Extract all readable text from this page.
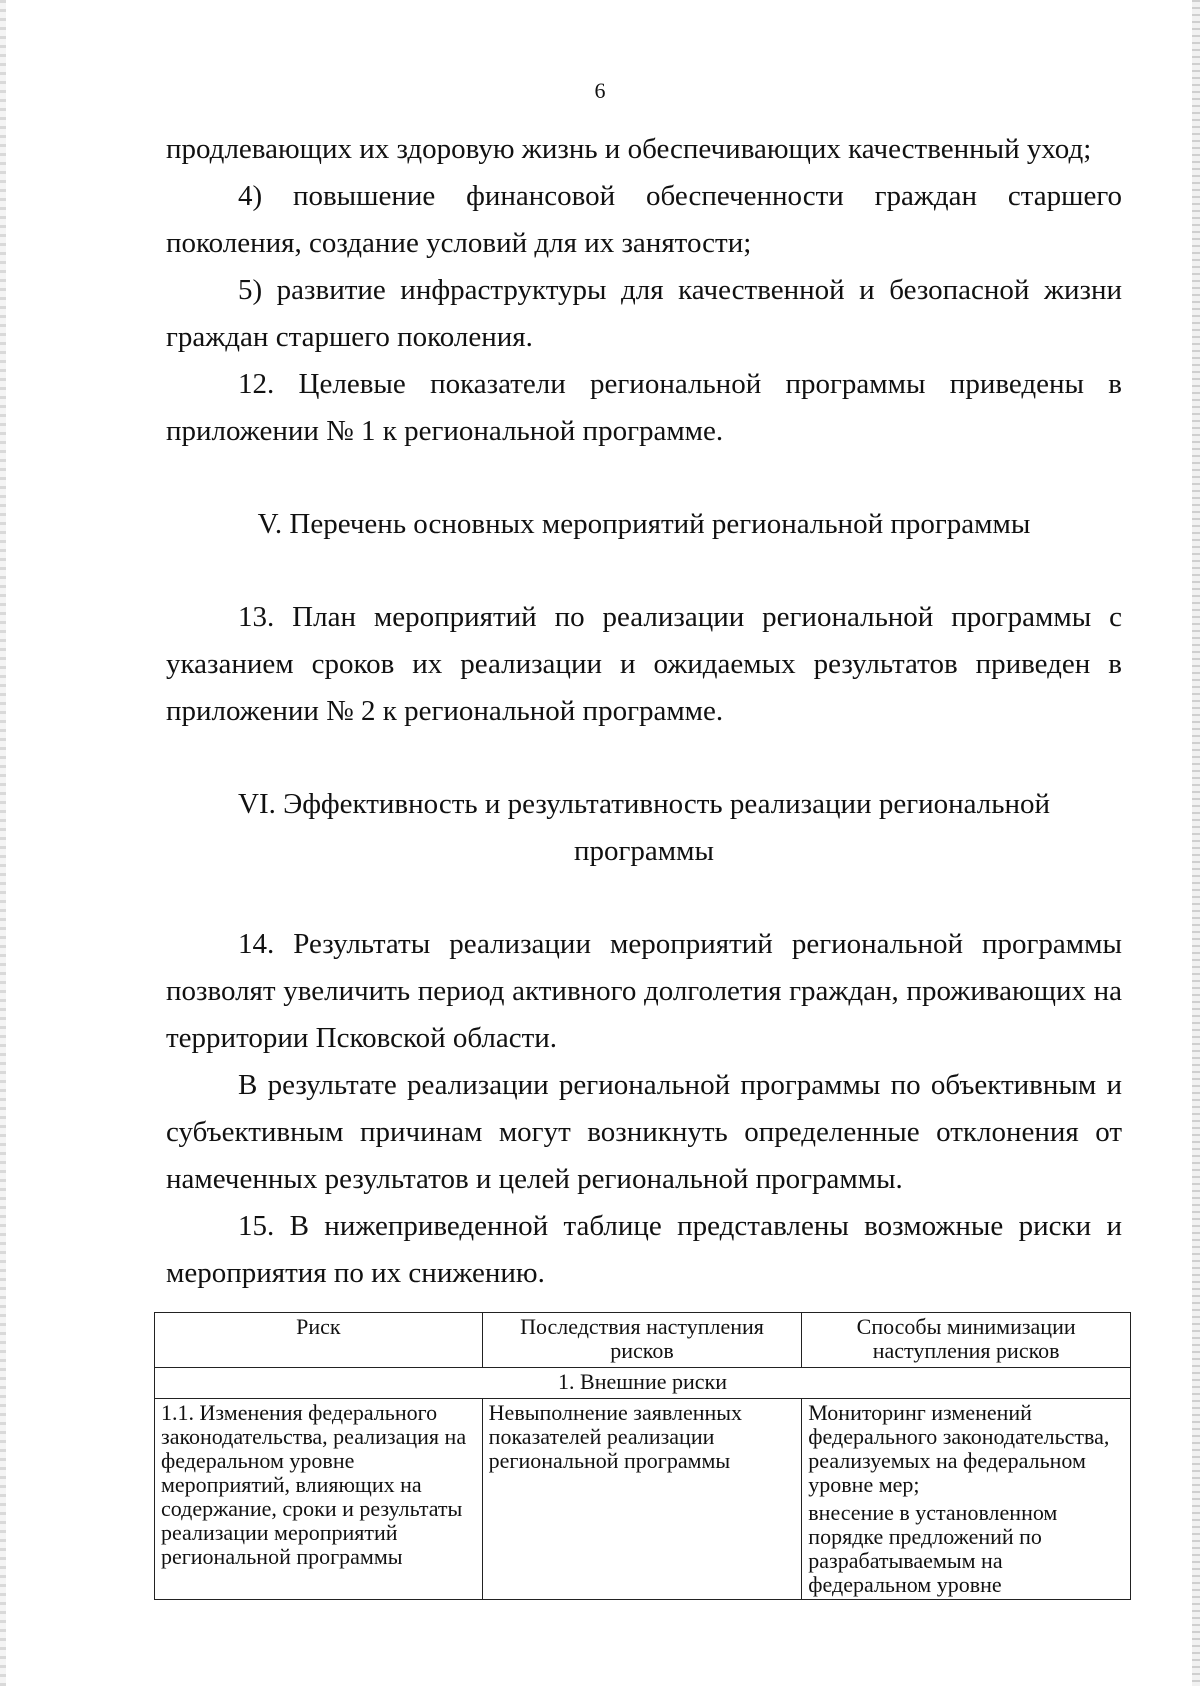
6

продлевающих их здоровую жизнь и обеспечивающих качественный уход;

4) повышение финансовой обеспеченности граждан старшего поколения, создание условий для их занятости;

5) развитие инфраструктуры для качественной и безопасной жизни граждан старшего поколения.

12. Целевые показатели региональной программы приведены в приложении № 1 к региональной программе.

V. Перечень основных мероприятий региональной программы

13. План мероприятий по реализации региональной программы с указанием сроков их реализации и ожидаемых результатов приведен в приложении № 2 к региональной программе.

VI. Эффективность и результативность реализации региональной
программы

14. Результаты реализации мероприятий региональной программы позволят увеличить период активного долголетия граждан, проживающих на территории Псковской области.

В результате реализации региональной программы по объективным и субъективным причинам могут возникнуть определенные отклонения от намеченных результатов и целей региональной программы.

15. В нижеприведенной таблице представлены возможные риски и мероприятия по их снижению.

Риск	Последствия наступления рисков	Способы минимизации наступления рисков
1. Внешние риски		
1.1. Изменения федерального законодательства, реализация на федеральном уровне мероприятий, влияющих на содержание, сроки и результаты реализации мероприятий региональной программы	Невыполнение заявленных показателей реализации региональной программы	Мониторинг изменений федерального законодательства, реализуемых на федеральном уровне мер;
внесение в установленном порядке предложений по разрабатываемым на федеральном уровне
